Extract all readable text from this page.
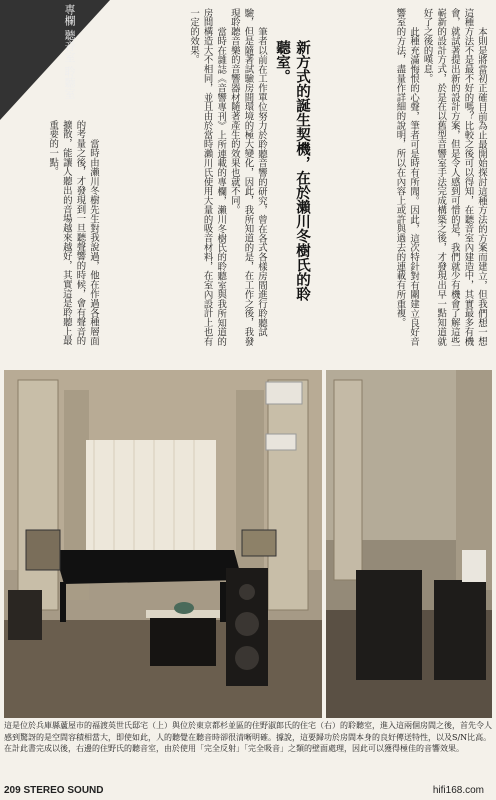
專欄 聽音室 聆聽室	本則是將當初正確目前為止最開始探討這種方法的方案而建立，但我們想一想這種方法不是最不好的嗎？比較之後可以得知，在聽音室內建造中，其實最多有機會，就試著提出新的設計方案，但是令人感到可惜的是，我們就少有機會了解這些嶄新的設計方式，於是在以舊型音響室手法完成構築之後，才發現出早一點知道就好了之後的嘆息。

此種充滿悔恨的心聲，筆者可是時有所聞。因此，這次特針對有關建立良好音響室的方法，盡量作詳細的說明，所以在內容上或許與過去的連載有所重複。

新方式的誕生契機，在於瀨川冬樹氏的聆聽室。

筆者以前在工作單位努力於聆聽音響的研究，曾在各式各樣房間進行聆聽試驗，但是隨著試驗房間環境的極大變化，因此，我所知道的是，在工作之後，我發現聆聽音樂的音響器材隨著產生的效果也就不同。

當時在雜誌《音響專刊》上所連載的專欄，瀨川冬樹氏的聆聽室與我所知道的房間構造大不相同，並且由於當時瀨川氏使用大量的吸音材料，在室內設計上也有一定的效果。

當時由瀨川冬樹先生對我說過，他在作過各種層面的考量之後，才發現到一旦聽聲響的時候，會有聲音的擴散，能讓人聽出的音場越來越好，其實這是聆聽上最重要的一點。

這是位於兵庫縣蘆屋市的福渡英世氏邸宅（上）與位於東京都杉並區的住野淑郎氏的住宅（右）的聆聽室，進入這兩個房間之後，首先令人感到驚訝的是空間容積相當大，即使如此，人的聽覺在聽音時卻很清晰明確。據說，這要歸功於房間本身的良好傳送特性，以及S/N比高。在計此書完成以後，右邊的住野氏的聽音室，由於使用「完全反射」「完全吸音」之類的壁面處理，因此可以獲得極佳的音響效果。
209 STEREO SOUND	hifi168.com
